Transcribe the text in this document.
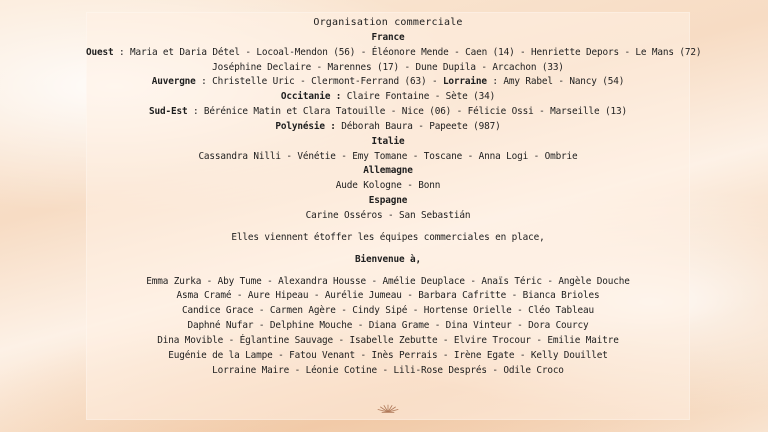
Organisation commerciale
France
Ouest : Maria et Daria Détel - Locoal-Mendon (56) - Éléonore Mende - Caen (14) - Henriette Depors - Le Mans (72)
Joséphine Declaire - Marennes (17) - Dune Dupila - Arcachon (33)
Auvergne : Christelle Uric - Clermont-Ferrand (63) - Lorraine : Amy Rabel - Nancy (54)
Occitanie : Claire Fontaine - Sète (34)
Sud-Est : Bérénice Matin et Clara Tatouille - Nice (06) - Félicie Ossi - Marseille (13)
Polynésie : Déborah Baura - Papeete (987)
Italie
Cassandra Nilli - Vénétie - Emy Tomane - Toscane - Anna Logi - Ombrie
Allemagne
Aude Kologne - Bonn
Espagne
Carine Osséros - San Sebastián
Elles viennent étoffer les équipes commerciales en place,
Bienvenue à,
Emma Zurka - Aby Tume - Alexandra Housse - Amélie Deuplace - Anaïs Téric - Angèle Douche
Asma Cramé - Aure Hipeau - Aurélie Jumeau - Barbara Cafritte - Bianca Brioles
Candice Grace - Carmen Agère - Cindy Sipé - Hortense Orielle - Cléo Tableau
Daphné Nufar - Delphine Mouche - Diana Grame - Dina Vinteur - Dora Courcy
Dina Movible - Églantine Sauvage - Isabelle Zebutte - Elvire Trocour - Emilie Maitre
Eugénie de la Lampe - Fatou Venant - Inès Perrais - Irène Egate - Kelly Douillet
Lorraine Maire - Léonie Cotine - Lili-Rose Després - Odile Croco
